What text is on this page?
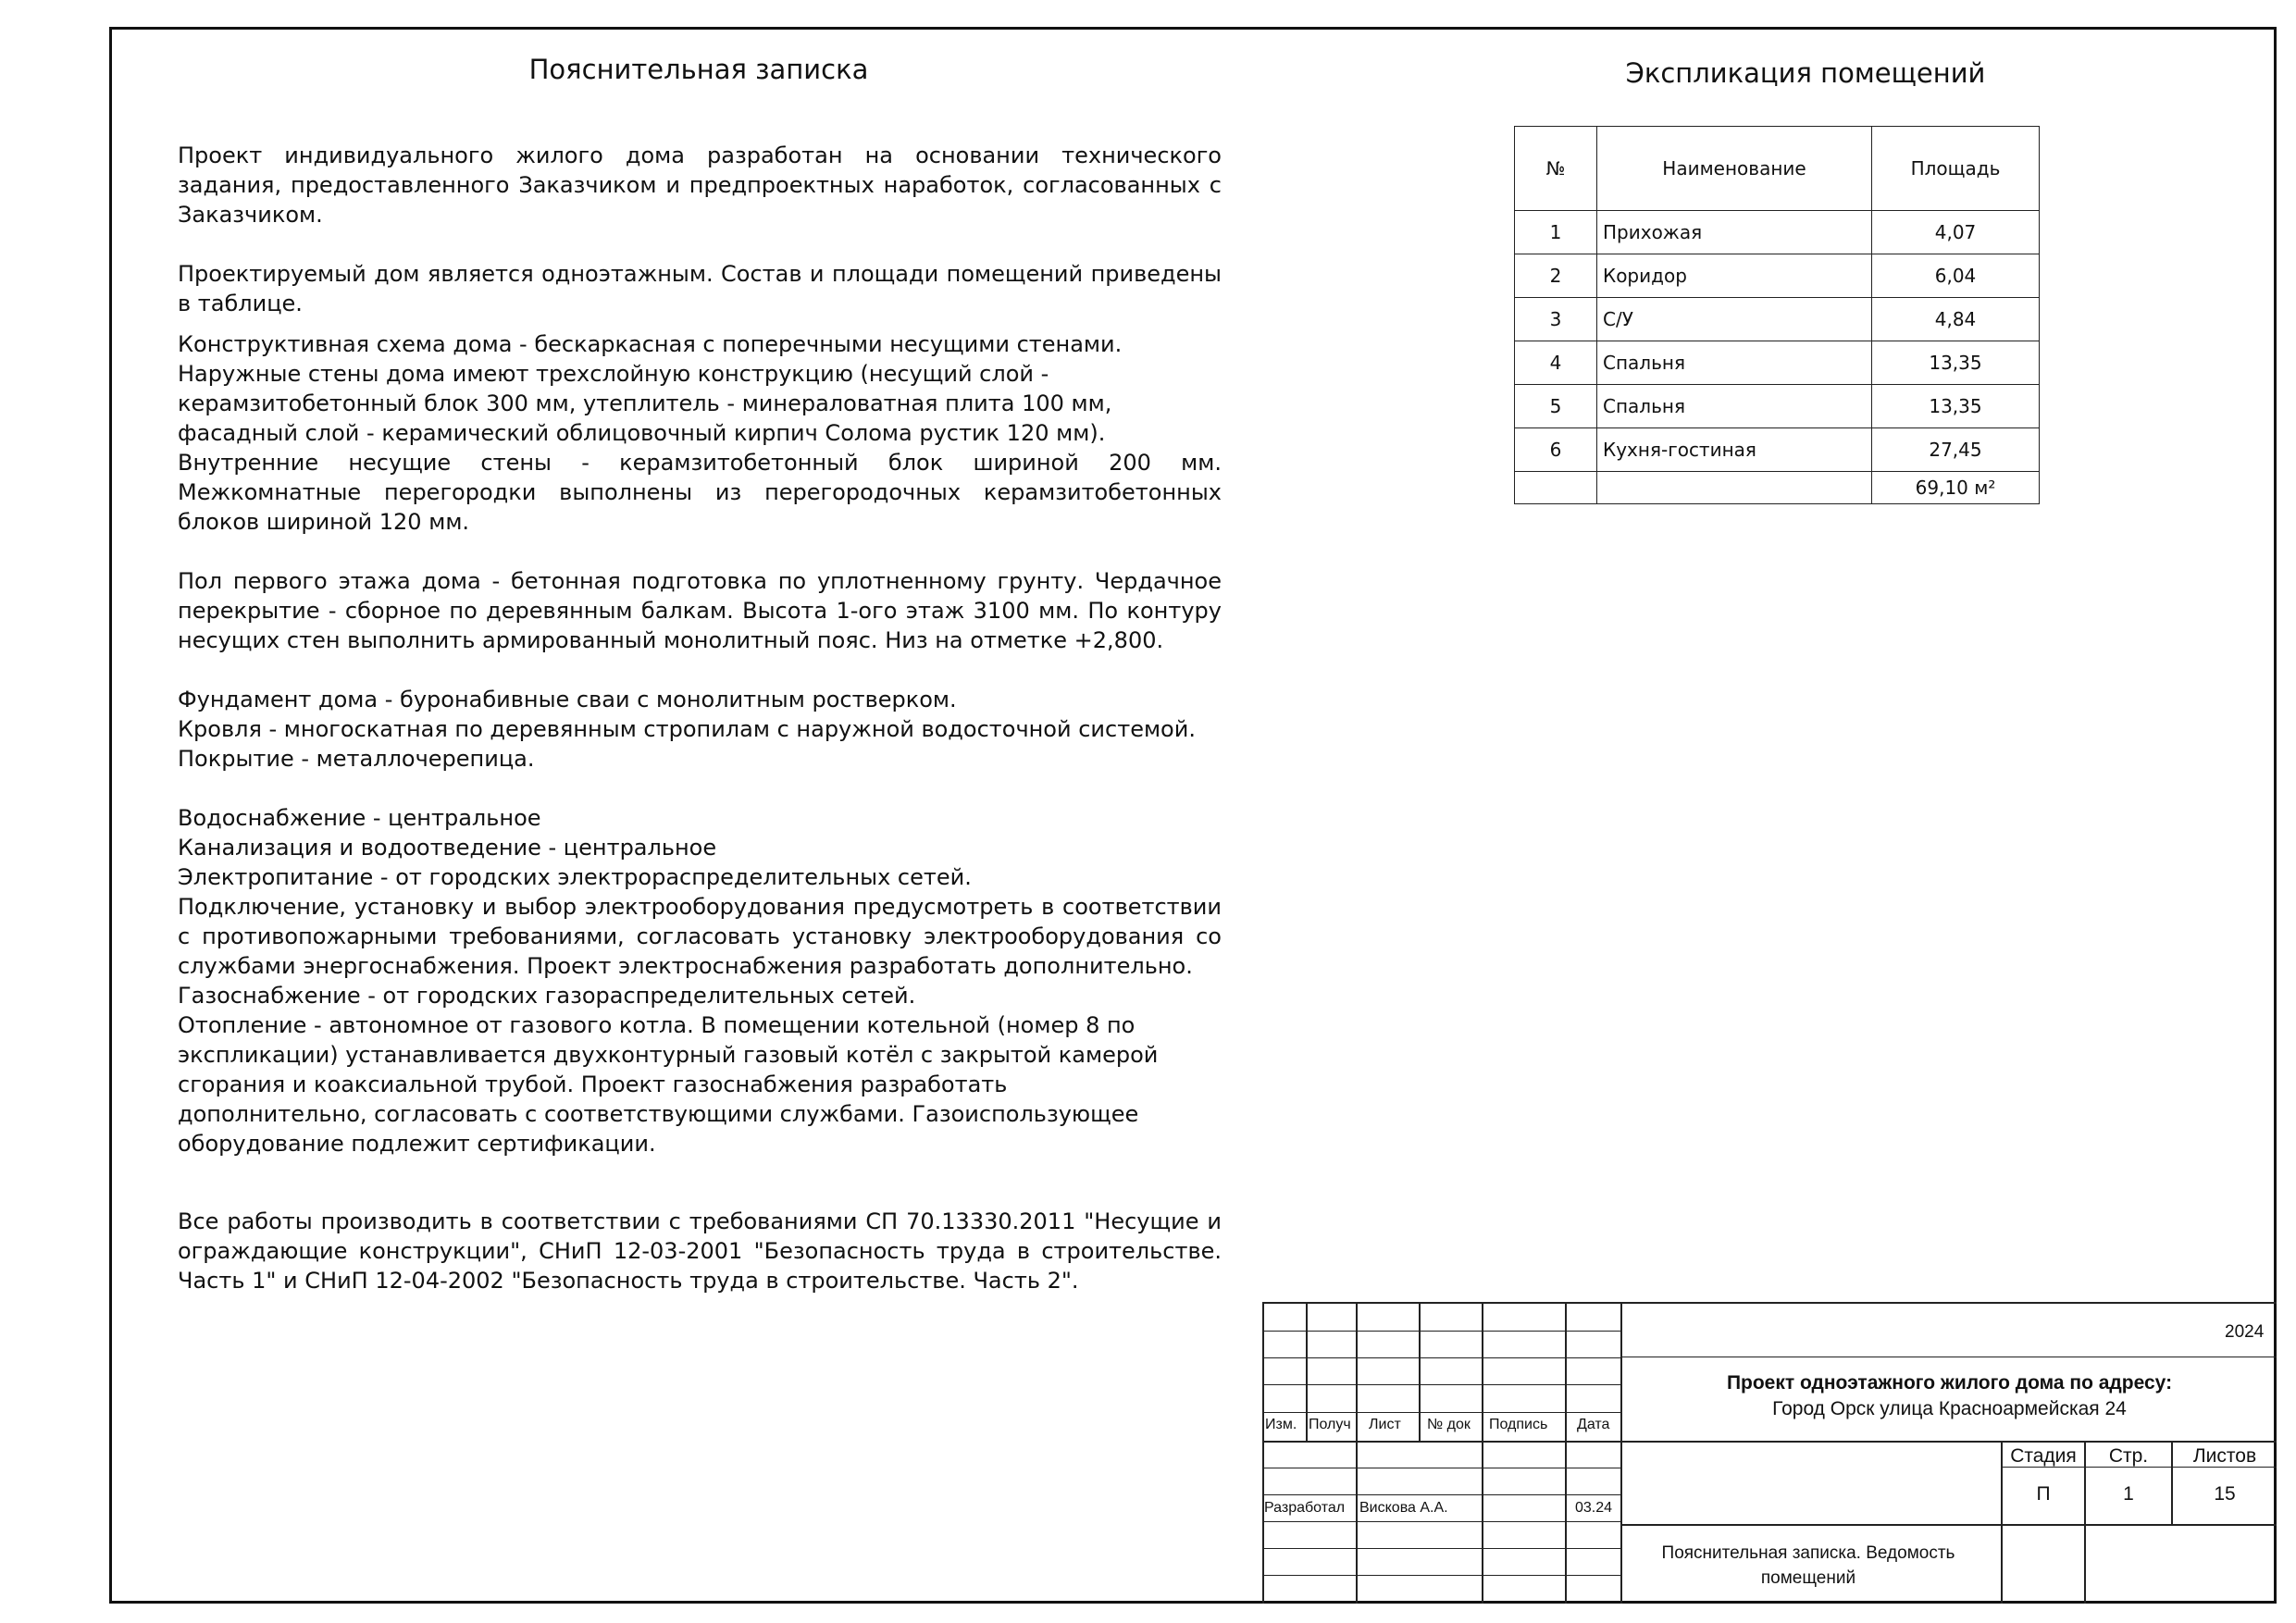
Пояснительная записка

Проект индивидуального жилого дома разработан на основании технического задания, предоставленного Заказчиком и предпроектных наработок, согласованных с Заказчиком.

Проектируемый дом является одноэтажным. Состав и площади помещений приведены в таблице.

Конструктивная схема дома - бескаркасная с поперечными несущими стенами.

Наружные стены дома имеют трехслойную конструкцию (несущий слой - керамзитобетонный блок 300 мм, утеплитель - минераловатная плита 100 мм, фасадный слой - керамический облицовочный кирпич Солома рустик 120 мм).

Внутренние несущие стены - керамзитобетонный блок шириной 200 мм. Межкомнатные перегородки выполнены из перегородочных керамзитобетонных блоков шириной 120 мм.

Пол первого этажа дома - бетонная подготовка по уплотненному грунту. Чердачное перекрытие - сборное по деревянным балкам. Высота 1-ого этаж 3100 мм. По контуру несущих стен выполнить армированный монолитный пояс. Низ на отметке +2,800.

Фундамент дома - буронабивные сваи с монолитным ростверком.

Кровля - многоскатная по деревянным стропилам с наружной водосточной системой.

Покрытие - металлочерепица.

Водоснабжение - центральное

Канализация и водоотведение - центральное

Электропитание - от городских электрораспределительных сетей.

Подключение, установку и выбор электрооборудования предусмотреть в соответствии с противопожарными требованиями, согласовать установку электрооборудования со службами энергоснабжения. Проект электроснабжения разработать дополнительно.

Газоснабжение - от городских газораспределительных сетей.

Отопление - автономное от газового котла. В помещении котельной (номер 8 по экспликации) устанавливается двухконтурный газовый котёл с закрытой камерой сгорания и коаксиальной трубой. Проект газоснабжения разработать дополнительно, согласовать с соответствующими службами. Газоиспользующее оборудование подлежит сертификации.

Все работы производить в соответствии с требованиями СП 70.13330.2011 "Несущие и ограждающие конструкции", СНиП 12-03-2001 "Безопасность труда в строительстве. Часть 1" и СНиП 12-04-2002 "Безопасность труда в строительстве. Часть 2".

Экспликация помещений
№	Наименование	Площадь
1	Прихожая	4,07
2	Коридор	6,04
3	С/У	4,84
4	Спальня	13,35
5	Спальня	13,35
6	Кухня-гостиная	27,45
		69,10 м²
Изм. Получ Лист № док Подпись Дата
Разработал Вискова А.А.	03.24
2024
Проект одноэтажного жилого дома по адресу:
Город Орск улица Красноармейская 24
Стадия	Стр.	Листов
П	1	15
Пояснительная записка. Ведомость помещений
